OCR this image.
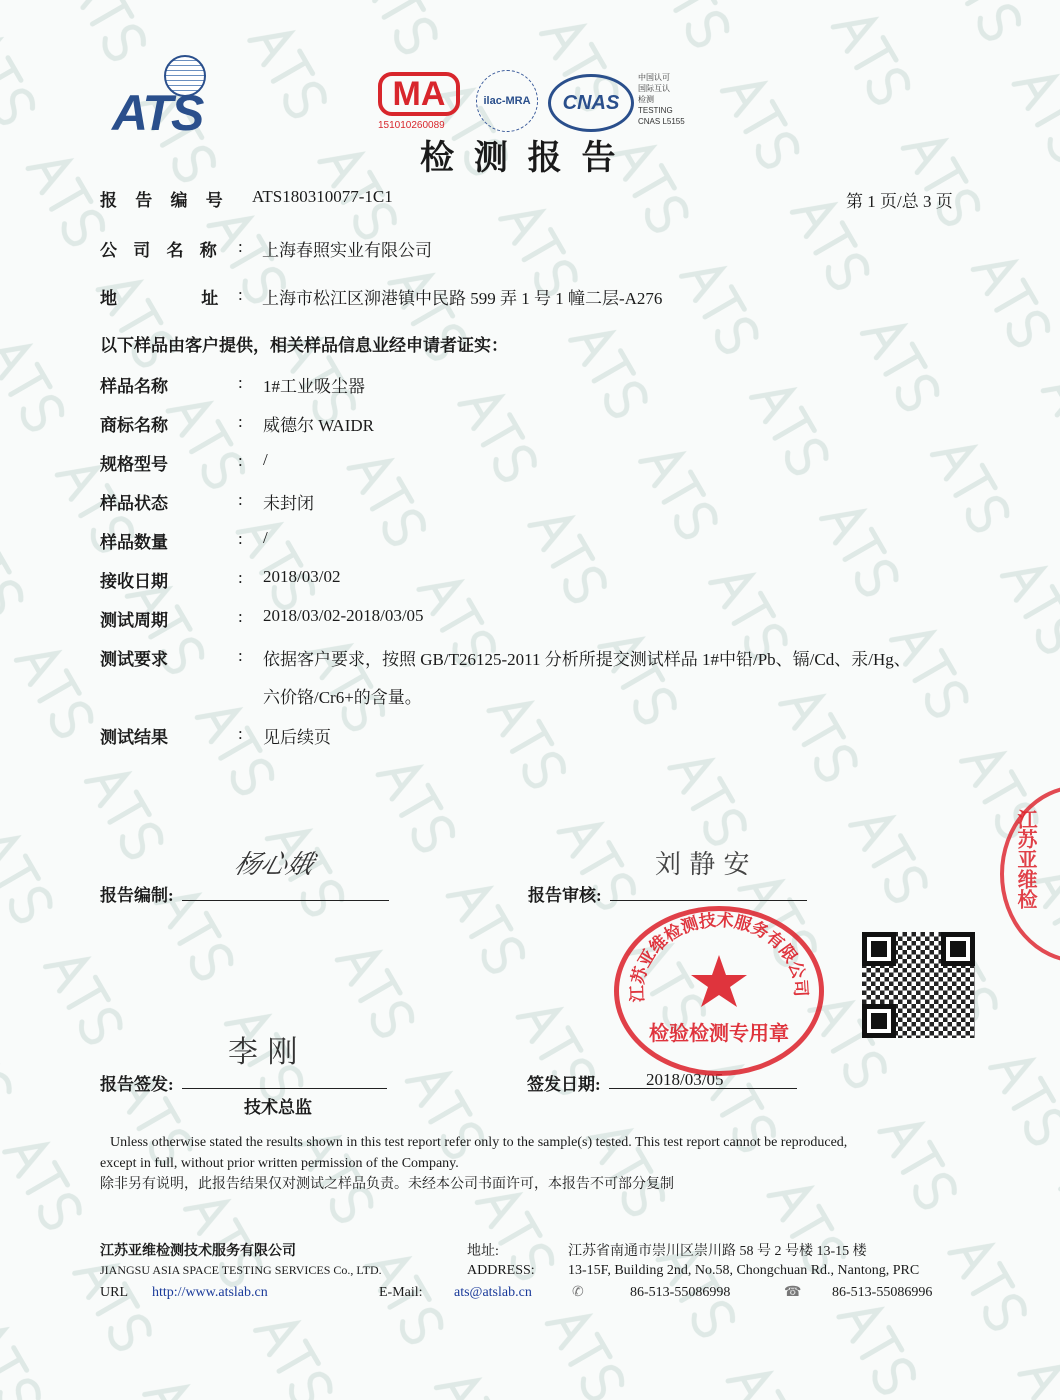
ATS	MA
151010260089
ilac-MRA CNAS
中国认可
国际互认
检测
TESTING
CNAS L5155
检 测 报 告
报 告 编 号 ATS180310077-1C1	第 1 页/总 3 页
公 司 名 称 : 上海春照实业有限公司
地 址 : 上海市松江区泖港镇中民路 599 弄 1 号 1 幢二层-A276
以下样品由客户提供，相关样品信息业经申请者证实：
样品名称	: 1#工业吸尘器
商标名称	: 威德尔 WAIDR
规格型号	: /
样品状态	: 未封闭
样品数量	: /
接收日期	: 2018/03/02
测试周期	: 2018/03/02-2018/03/05
测试要求	: 依据客户要求，按照 GB/T26125-2011 分析所提交测试样品 1#中铅/Pb、镉/Cd、汞/Hg、
六价铬/Cr6+的含量。
测试结果	: 见后续页
报告编制:
杨心娥
报告审核:
刘 静 安
报告签发:
李 刚
技术总监
签发日期:	2018/03/05
江苏亚维检测技术服务有限公司
检验检测专用章
江苏亚维检
Unless otherwise stated the results shown in this test report refer only to the sample(s) tested. This test report cannot be reproduced,
except in full, without prior written permission of the Company.
除非另有说明，此报告结果仅对测试之样品负责。未经本公司书面许可，本报告不可部分复制
江苏亚维检测技术服务有限公司
JIANGSU ASIA SPACE TESTING SERVICES Co., LTD.
URL http://www.atslab.cn
地址:	江苏省南通市崇川区崇川路 58 号 2 号楼 13-15 楼
ADDRESS: 13-15F, Building 2nd, No.58, Chongchuan Rd., Nantong, PRC
E-Mail: ats@atslab.cn	✆	86-513-55086998	☎ 86-513-55086996
